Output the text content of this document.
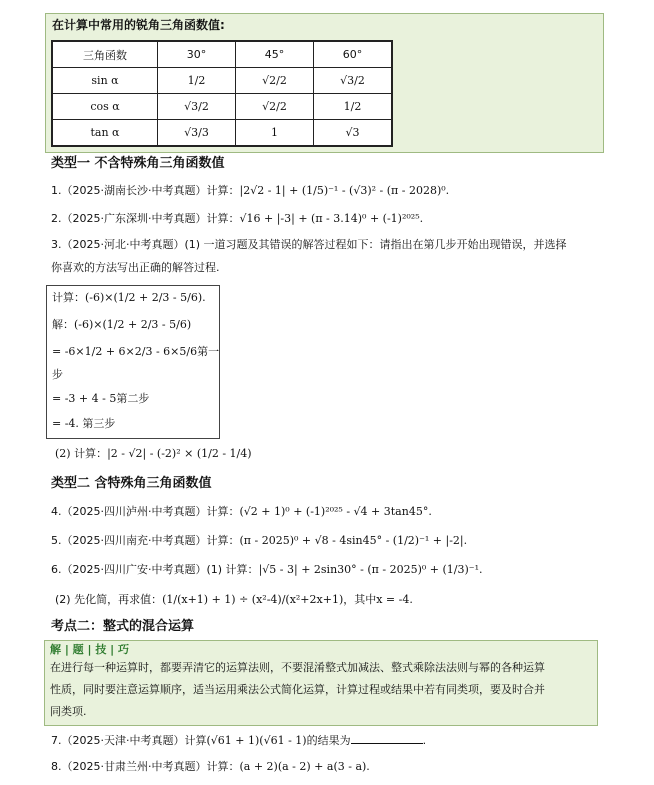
在计算中常用的锐角三角函数值:
三角函数	30°	45°	60°
sin α	1/2	√2/2	√3/2
cos α	√3/2	√2/2	1/2
tan α	√3/3	1	√3
类型一 不含特殊角三角函数值
1.（2025·湖南长沙·中考真题）计算：|2√2 - 1| + (1/5)⁻¹ - (√3)² - (π - 2028)⁰.
2.（2025·广东深圳·中考真题）计算：√16 + |-3| + (π - 3.14)⁰ + (-1)²⁰²⁵.
3.（2025·河北·中考真题）(1) 一道习题及其错误的解答过程如下：请指出在第几步开始出现错误，并选择
你喜欢的方法写出正确的解答过程.
计算：(-6)×(1/2 + 2/3 - 5/6).
解：(-6)×(1/2 + 2/3 - 5/6)
= -6×1/2 + 6×2/3 - 6×5/6第一
步
= -3 + 4 - 5第二步
= -4. 第三步
(2) 计算：|2 - √2| - (-2)² × (1/2 - 1/4)
类型二 含特殊角三角函数值
4.（2025·四川泸州·中考真题）计算：(√2 + 1)⁰ + (-1)²⁰²⁵ - √4 + 3tan45°.
5.（2025·四川南充·中考真题）计算：(π - 2025)⁰ + √8 - 4sin45° - (1/2)⁻¹ + |-2|.
6.（2025·四川广安·中考真题）(1) 计算：|√5 - 3| + 2sin30° - (π - 2025)⁰ + (1/3)⁻¹.
(2) 先化简，再求值：(1/(x+1) + 1) ÷ (x²-4)/(x²+2x+1)，其中x = -4.
考点二：整式的混合运算
解 | 题 | 技 | 巧
在进行每一种运算时，都要弄清它的运算法则，不要混淆整式加减法、整式乘除法法则与幂的各种运算
性质，同时要注意运算顺序，适当运用乘法公式简化运算，计算过程或结果中若有同类项，要及时合并
同类项.
7.（2025·天津·中考真题）计算(√61 + 1)(√61 - 1)的结果为	.
8.（2025·甘肃兰州·中考真题）计算：(a + 2)(a - 2) + a(3 - a).
